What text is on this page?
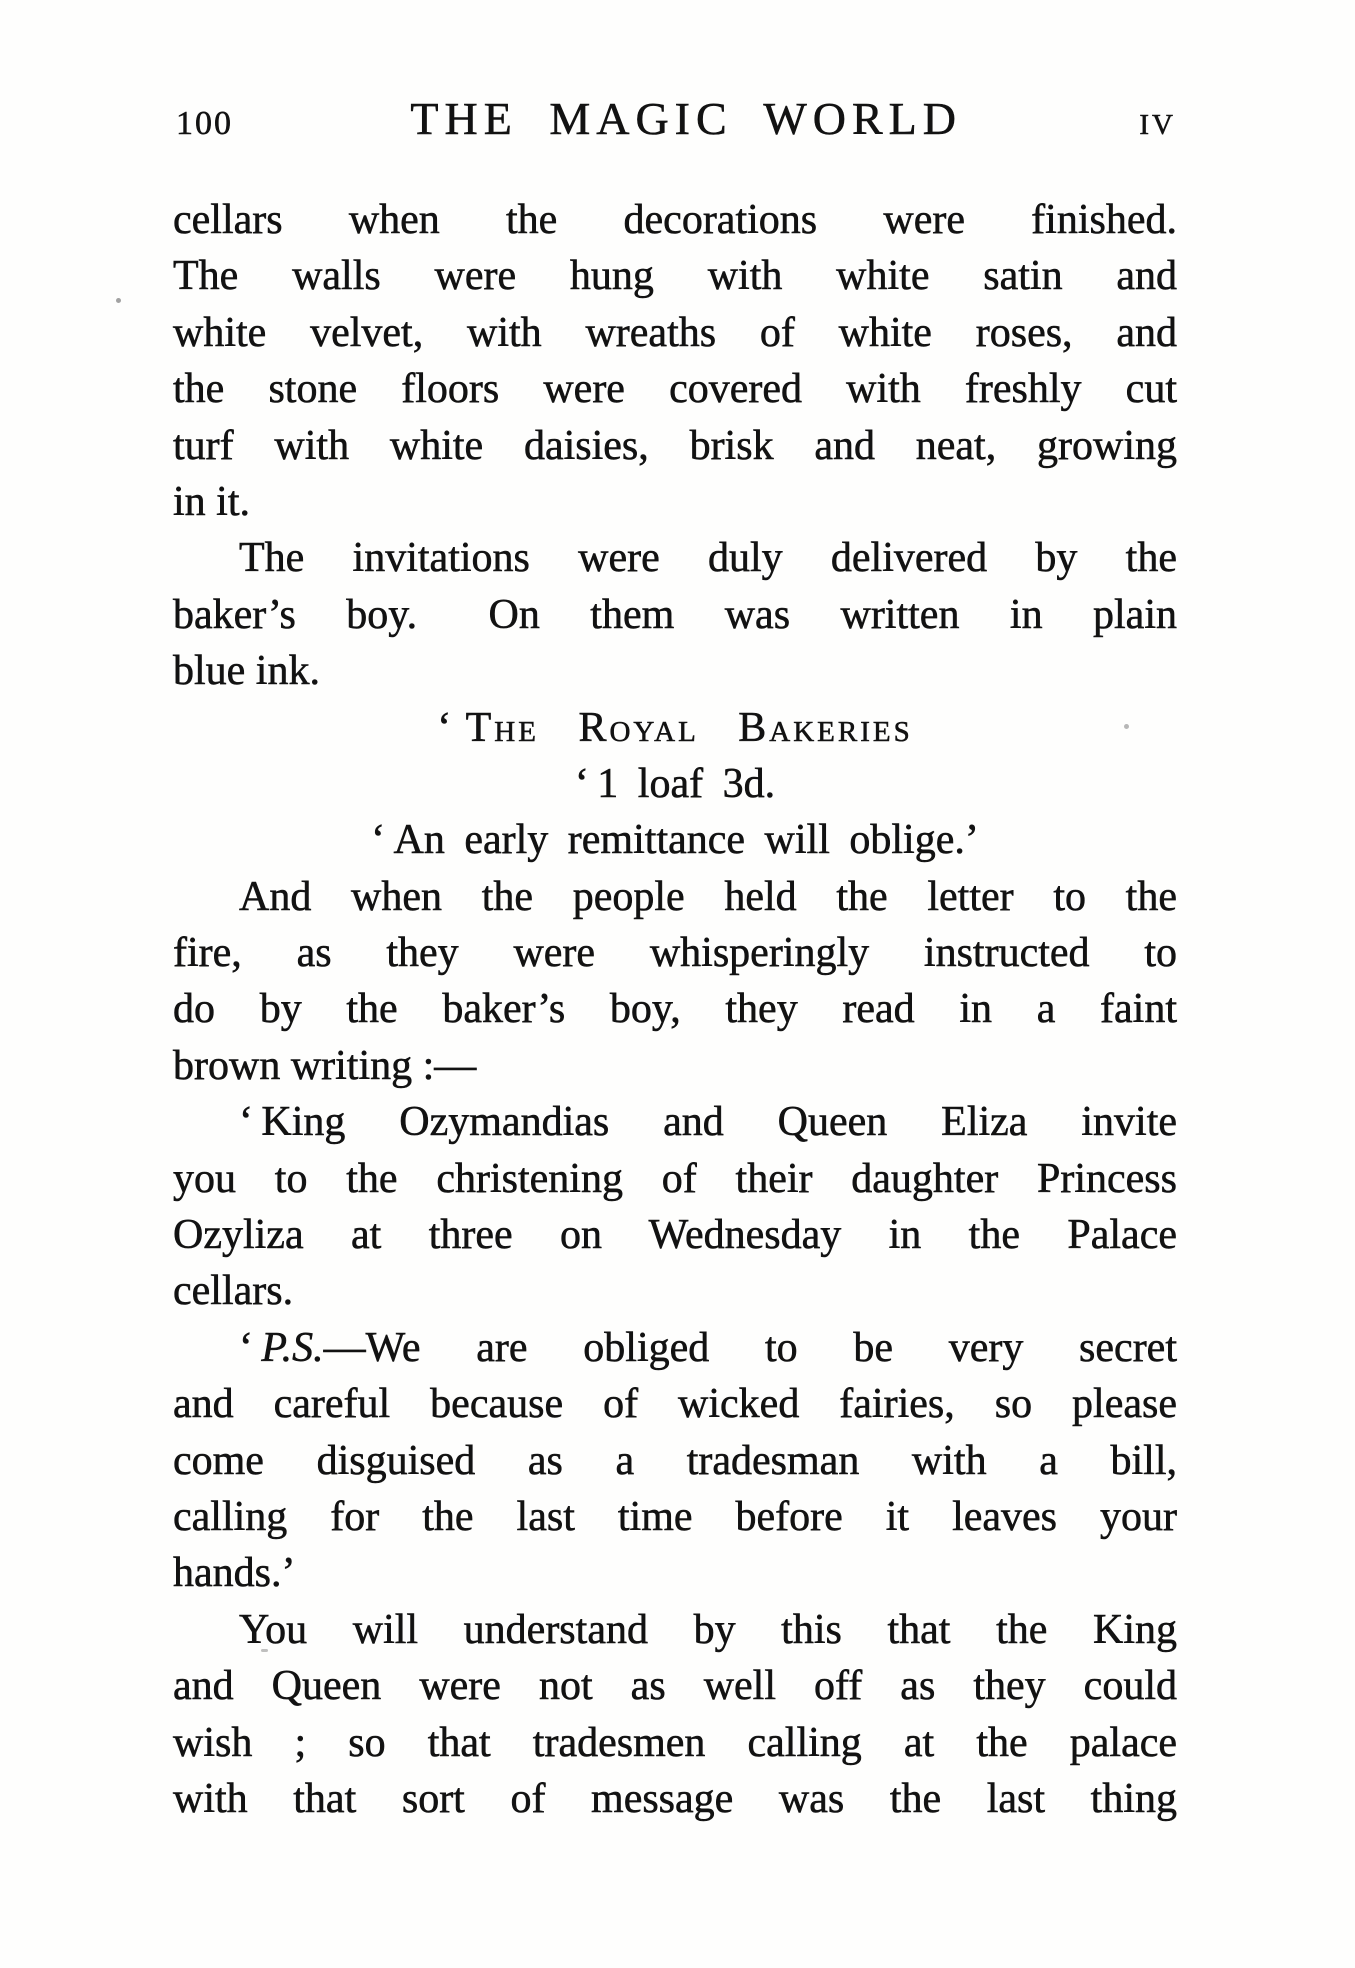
100	THE MAGIC WORLD	IV
cellars when the decorations were finished.
The walls were hung with white satin and
white velvet, with wreaths of white roses, and
the stone floors were covered with freshly cut
turf with white daisies, brisk and neat, growing
in it.
The invitations were duly delivered by the
baker’s boy.  On them was written in plain
blue ink.
‘ The Royal Bakeries
‘ 1 loaf 3d.
‘ An early remittance will oblige.’
And when the people held the letter to the
fire, as they were whisperingly instructed to
do by the baker’s boy, they read in a faint
brown writing :—
‘ King Ozymandias and Queen Eliza invite
you to the christening of their daughter Princess
Ozyliza at three on Wednesday in the Palace
cellars.
‘ P.S.—We are obliged to be very secret
and careful because of wicked fairies, so please
come disguised as a tradesman with a bill,
calling for the last time before it leaves your
hands.’
You will understand by this that the King
and Queen were not as well off as they could
wish ; so that tradesmen calling at the palace
with that sort of message was the last thing
